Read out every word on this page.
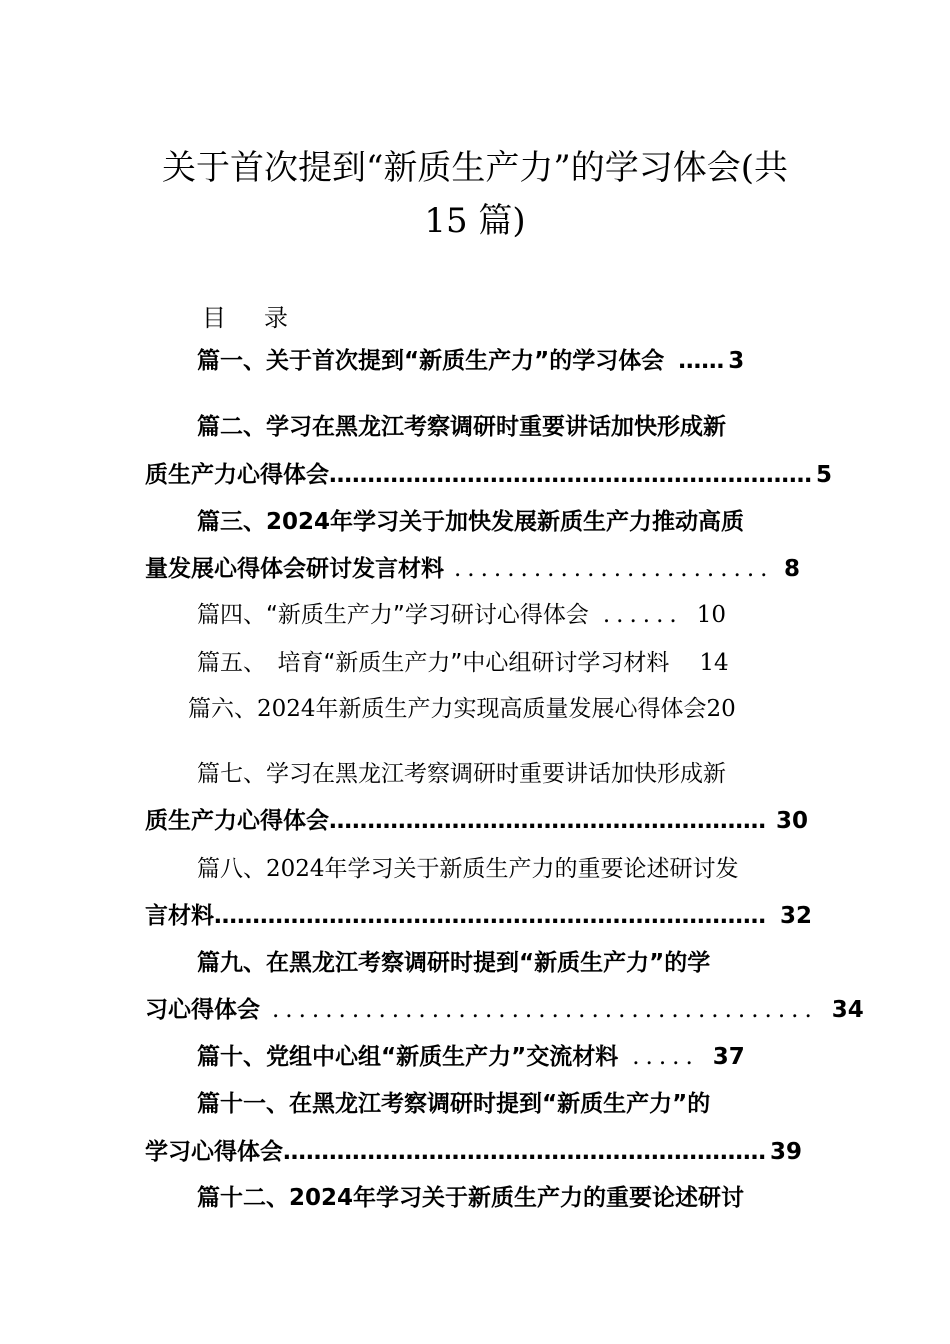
关于首次提到“新质生产力”的学习体会(共
15 篇)
目 录
篇一、关于首次提到“新质生产力”的学习体会 …… 3
篇二、学习在黑龙江考察调研时重要讲话加快形成新
质生产力心得体会 ……………………………………………………… 5
篇三、2024年学习关于加快发展新质生产力推动高质
量发展心得体会研讨发言材料 ........................ 8
篇四、“新质生产力”学习研讨心得体会 ...... 10
篇五、　培育“新质生产力”中心组研讨学习材料	14
篇六、2024年新质生产力实现高质量发展心得体会 20
篇七、学习在黑龙江考察调研时重要讲话加快形成新
质生产力心得体会 ………………………………………………… 30
篇八、2024年学习关于新质生产力的重要论述研讨发
言材料 ……………………………………………………………… 32
篇九、在黑龙江考察调研时提到“新质生产力”的学
习心得体会 ......................................... 34
篇十、党组中心组“新质生产力”交流材料 ..... 37
篇十一、在黑龙江考察调研时提到“新质生产力”的
学习心得体会 ……………………………………………………… 39
篇十二、2024年学习关于新质生产力的重要论述研讨
